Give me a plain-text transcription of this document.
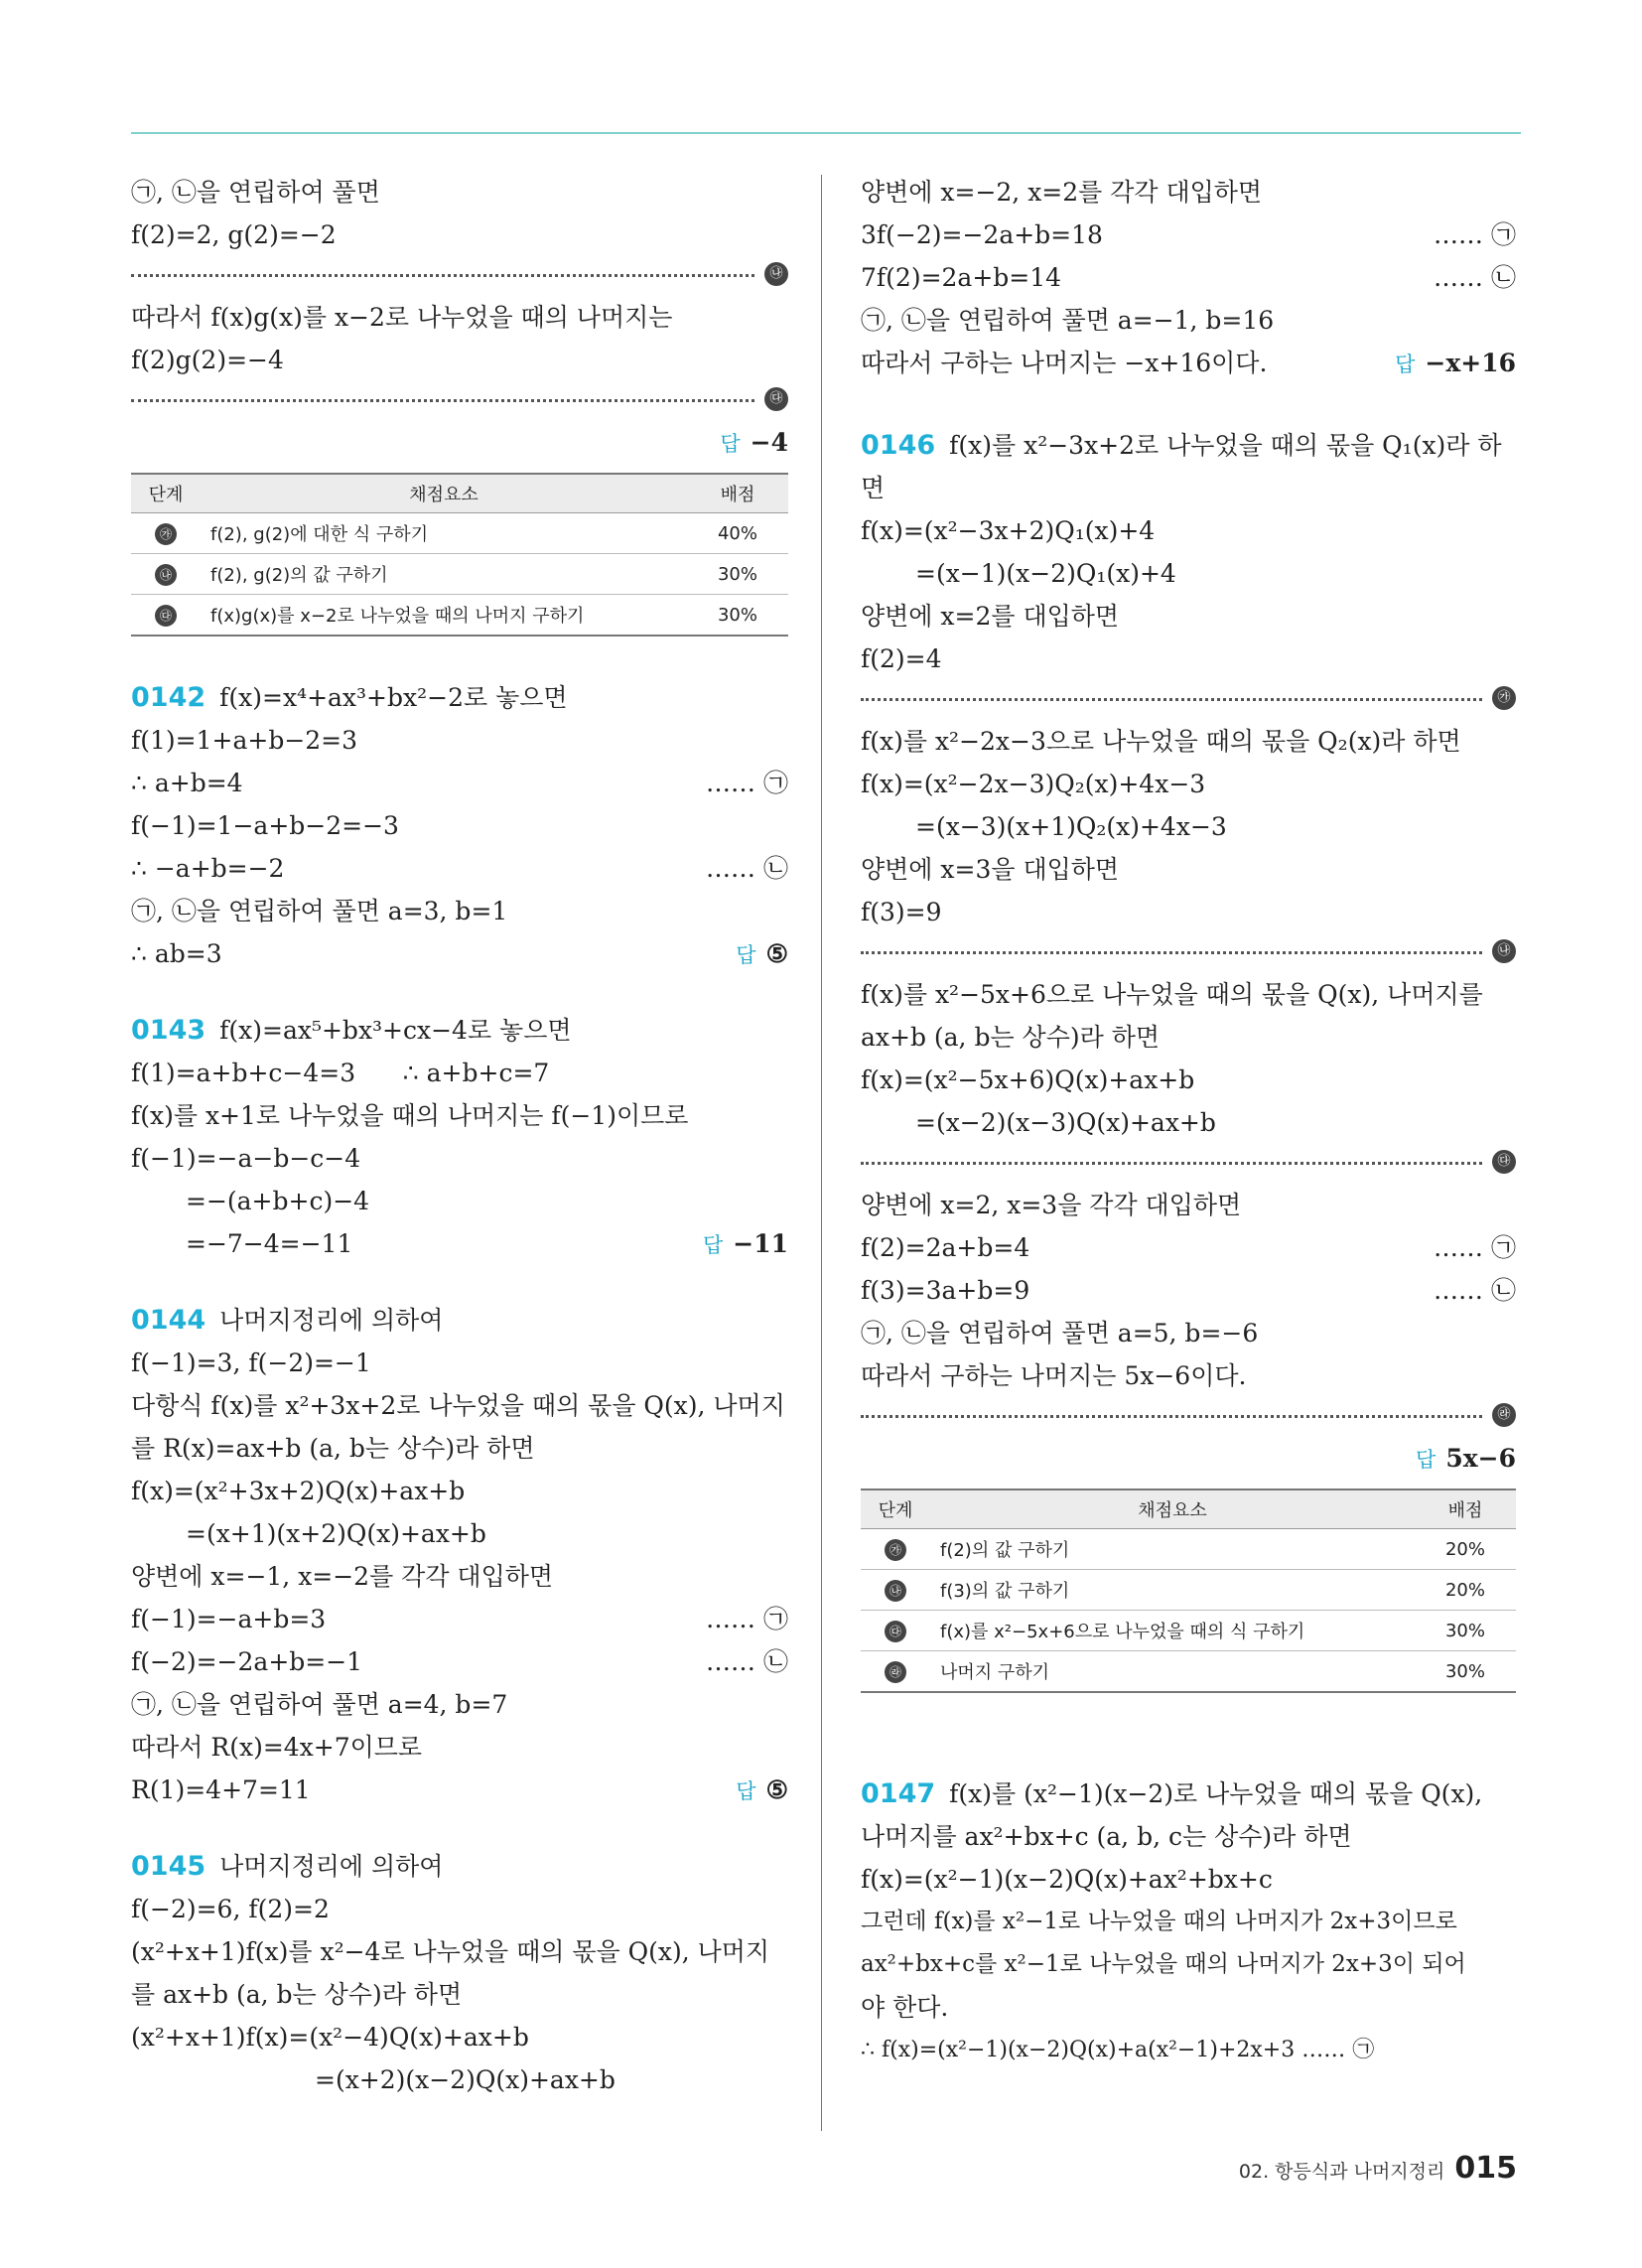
㉠, ㉡을 연립하여 풀면
f(2)=2, g(2)=−2
㉯
따라서 f(x)g(x)를 x−2로 나누었을 때의 나머지는
f(2)g(2)=−4
㉰
답 −4
단계	채점요소	배점
㉮	f(2), g(2)에 대한 식 구하기	40%
㉯	f(2), g(2)의 값 구하기	30%
㉰	f(x)g(x)를 x−2로 나누었을 때의 나머지 구하기	30%
0142 f(x)=x⁴+ax³+bx²−2로 놓으면
f(1)=1+a+b−2=3
∴ a+b=4	…… ㉠
f(−1)=1−a+b−2=−3
∴ −a+b=−2	…… ㉡
㉠, ㉡을 연립하여 풀면 a=3, b=1
∴ ab=3	답 ⑤
0143 f(x)=ax⁵+bx³+cx−4로 놓으면
f(1)=a+b+c−4=3      ∴ a+b+c=7
f(x)를 x+1로 나누었을 때의 나머지는 f(−1)이므로
f(−1)=−a−b−c−4
=−(a+b+c)−4
=−7−4=−11	답 −11
0144 나머지정리에 의하여
f(−1)=3, f(−2)=−1
다항식 f(x)를 x²+3x+2로 나누었을 때의 몫을 Q(x), 나머지
를 R(x)=ax+b (a, b는 상수)라 하면
f(x)=(x²+3x+2)Q(x)+ax+b
=(x+1)(x+2)Q(x)+ax+b
양변에 x=−1, x=−2를 각각 대입하면
f(−1)=−a+b=3	…… ㉠
f(−2)=−2a+b=−1	…… ㉡
㉠, ㉡을 연립하여 풀면 a=4, b=7
따라서 R(x)=4x+7이므로
R(1)=4+7=11	답 ⑤
0145 나머지정리에 의하여
f(−2)=6, f(2)=2
(x²+x+1)f(x)를 x²−4로 나누었을 때의 몫을 Q(x), 나머지
를 ax+b (a, b는 상수)라 하면
(x²+x+1)f(x)=(x²−4)Q(x)+ax+b
=(x+2)(x−2)Q(x)+ax+b
양변에 x=−2, x=2를 각각 대입하면
3f(−2)=−2a+b=18	…… ㉠
7f(2)=2a+b=14	…… ㉡
㉠, ㉡을 연립하여 풀면 a=−1, b=16
따라서 구하는 나머지는 −x+16이다.	답 −x+16
0146 f(x)를 x²−3x+2로 나누었을 때의 몫을 Q₁(x)라 하
면
f(x)=(x²−3x+2)Q₁(x)+4
=(x−1)(x−2)Q₁(x)+4
양변에 x=2를 대입하면
f(2)=4
㉮
f(x)를 x²−2x−3으로 나누었을 때의 몫을 Q₂(x)라 하면
f(x)=(x²−2x−3)Q₂(x)+4x−3
=(x−3)(x+1)Q₂(x)+4x−3
양변에 x=3을 대입하면
f(3)=9
㉯
f(x)를 x²−5x+6으로 나누었을 때의 몫을 Q(x), 나머지를
ax+b (a, b는 상수)라 하면
f(x)=(x²−5x+6)Q(x)+ax+b
=(x−2)(x−3)Q(x)+ax+b
㉰
양변에 x=2, x=3을 각각 대입하면
f(2)=2a+b=4	…… ㉠
f(3)=3a+b=9	…… ㉡
㉠, ㉡을 연립하여 풀면 a=5, b=−6
따라서 구하는 나머지는 5x−6이다.
㉱
답 5x−6
단계	채점요소	배점
㉮	f(2)의 값 구하기	20%
㉯	f(3)의 값 구하기	20%
㉰	f(x)를 x²−5x+6으로 나누었을 때의 식 구하기	30%
㉱	나머지 구하기	30%
0147 f(x)를 (x²−1)(x−2)로 나누었을 때의 몫을 Q(x),
나머지를 ax²+bx+c (a, b, c는 상수)라 하면
f(x)=(x²−1)(x−2)Q(x)+ax²+bx+c
그런데 f(x)를 x²−1로 나누었을 때의 나머지가 2x+3이므로
ax²+bx+c를 x²−1로 나누었을 때의 나머지가 2x+3이 되어
야 한다.
∴ f(x)=(x²−1)(x−2)Q(x)+a(x²−1)+2x+3 …… ㉠
02. 항등식과 나머지정리 015
